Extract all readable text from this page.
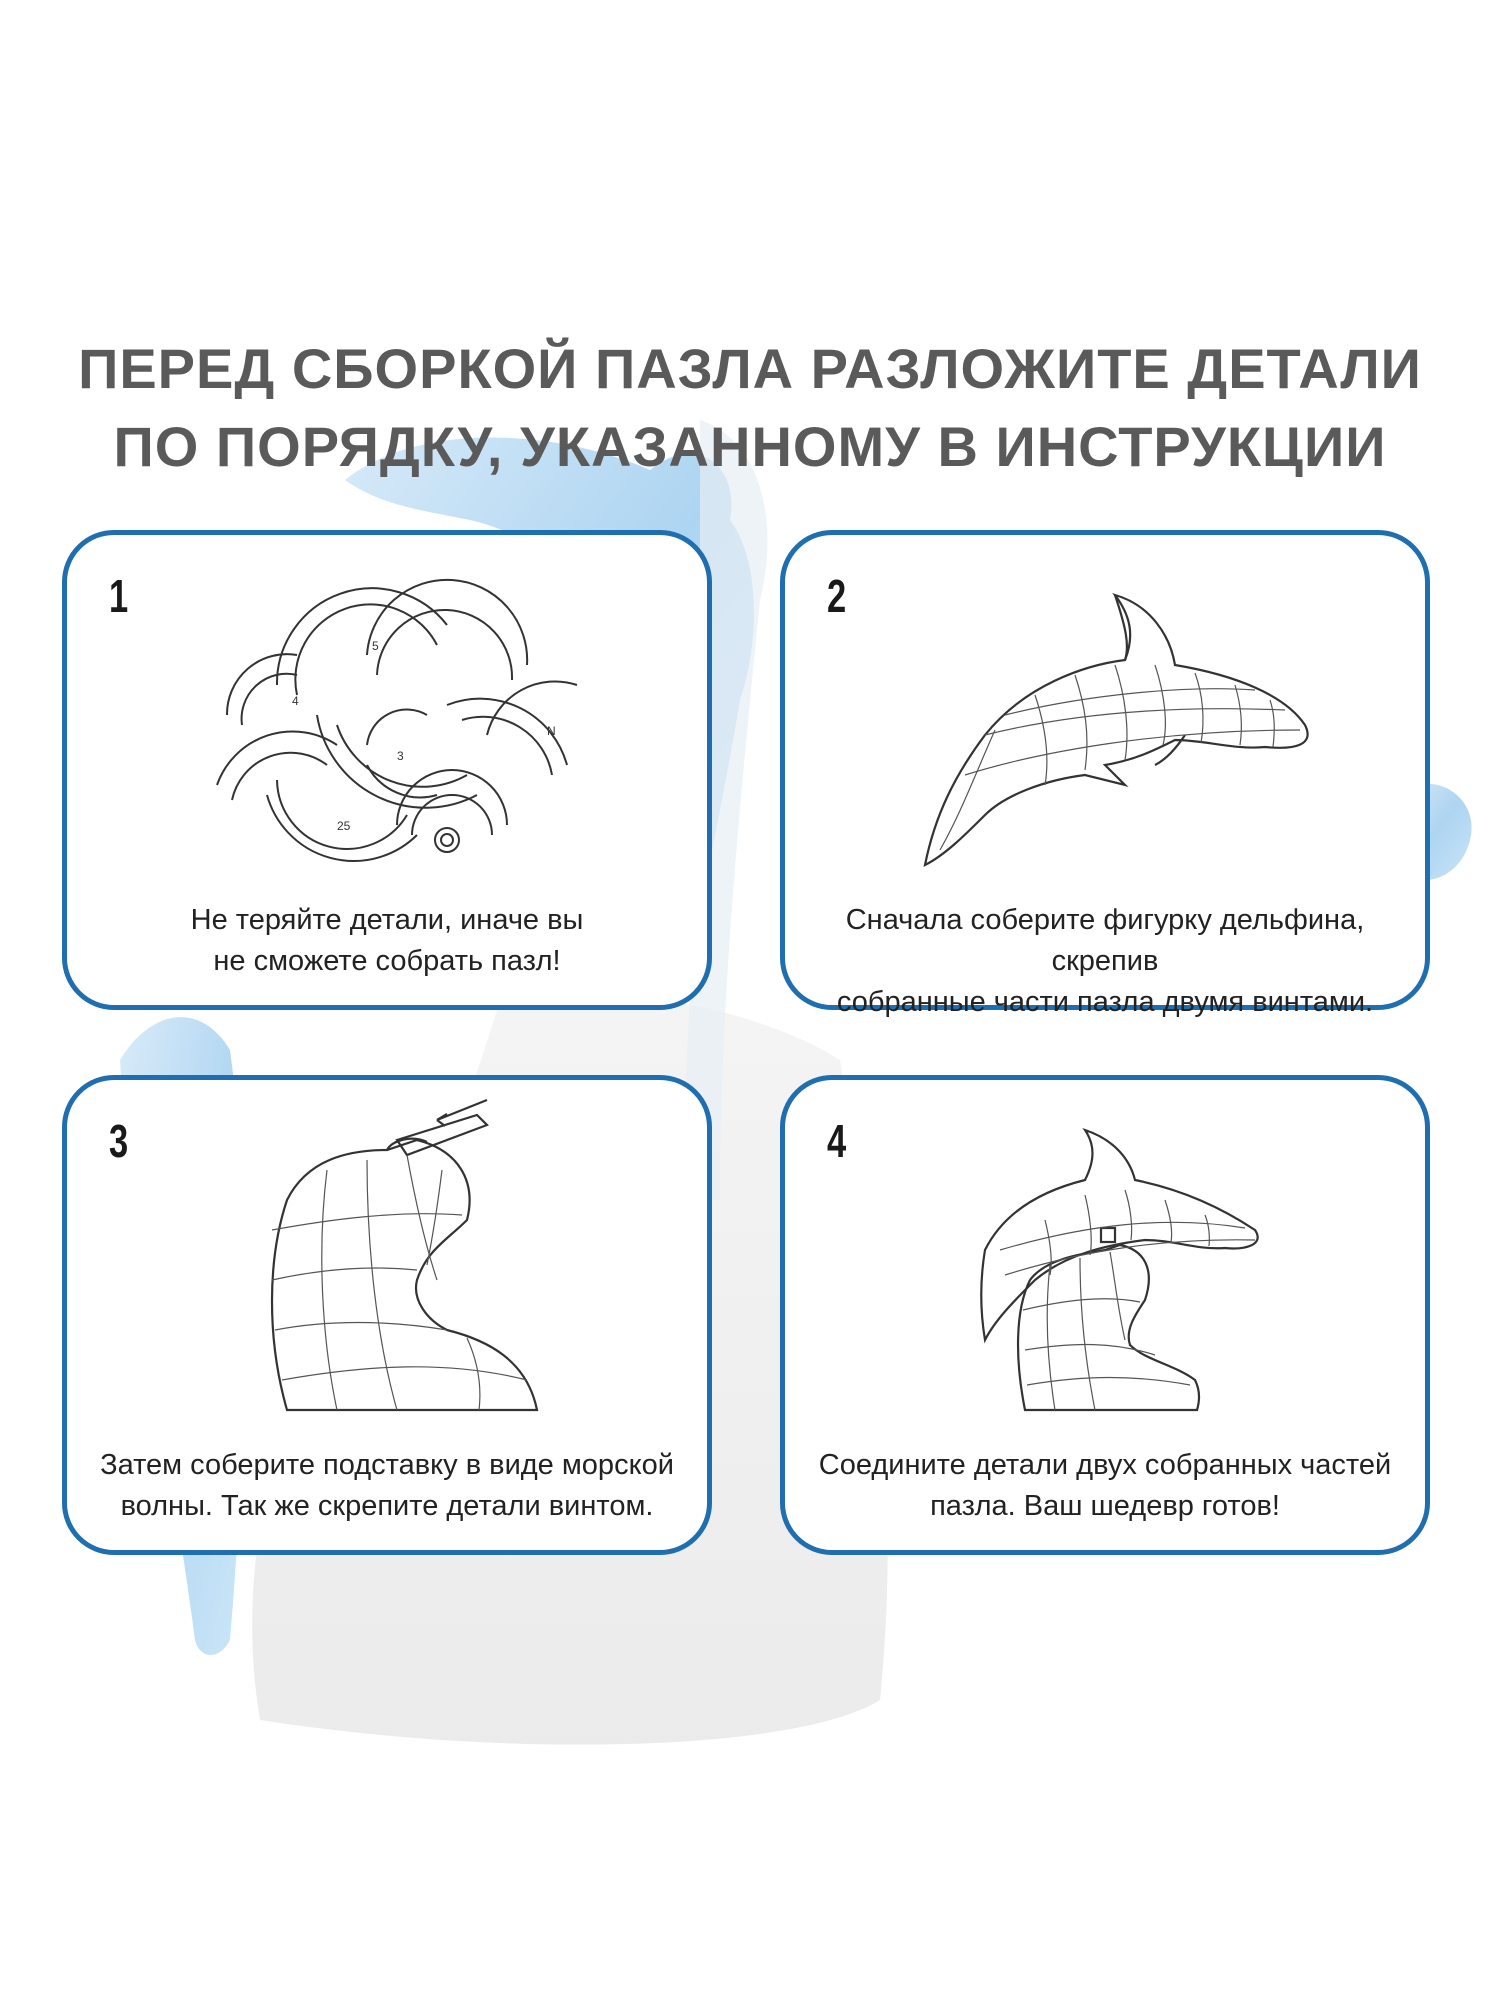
ПЕРЕД СБОРКОЙ ПАЗЛА РАЗЛОЖИТЕ ДЕТАЛИ
ПО ПОРЯДКУ, УКАЗАННОМУ В ИНСТРУКЦИИ
1
4
5
3
N
25
Не теряйте детали, иначе вы
не сможете собрать пазл!
2
Сначала соберите фигурку дельфина, скрепив
собранные части пазла двумя винтами.
3
Затем соберите подставку в виде морской
волны. Так же скрепите детали винтом.
4
Соедините детали двух собранных частей
пазла. Ваш шедевр готов!
